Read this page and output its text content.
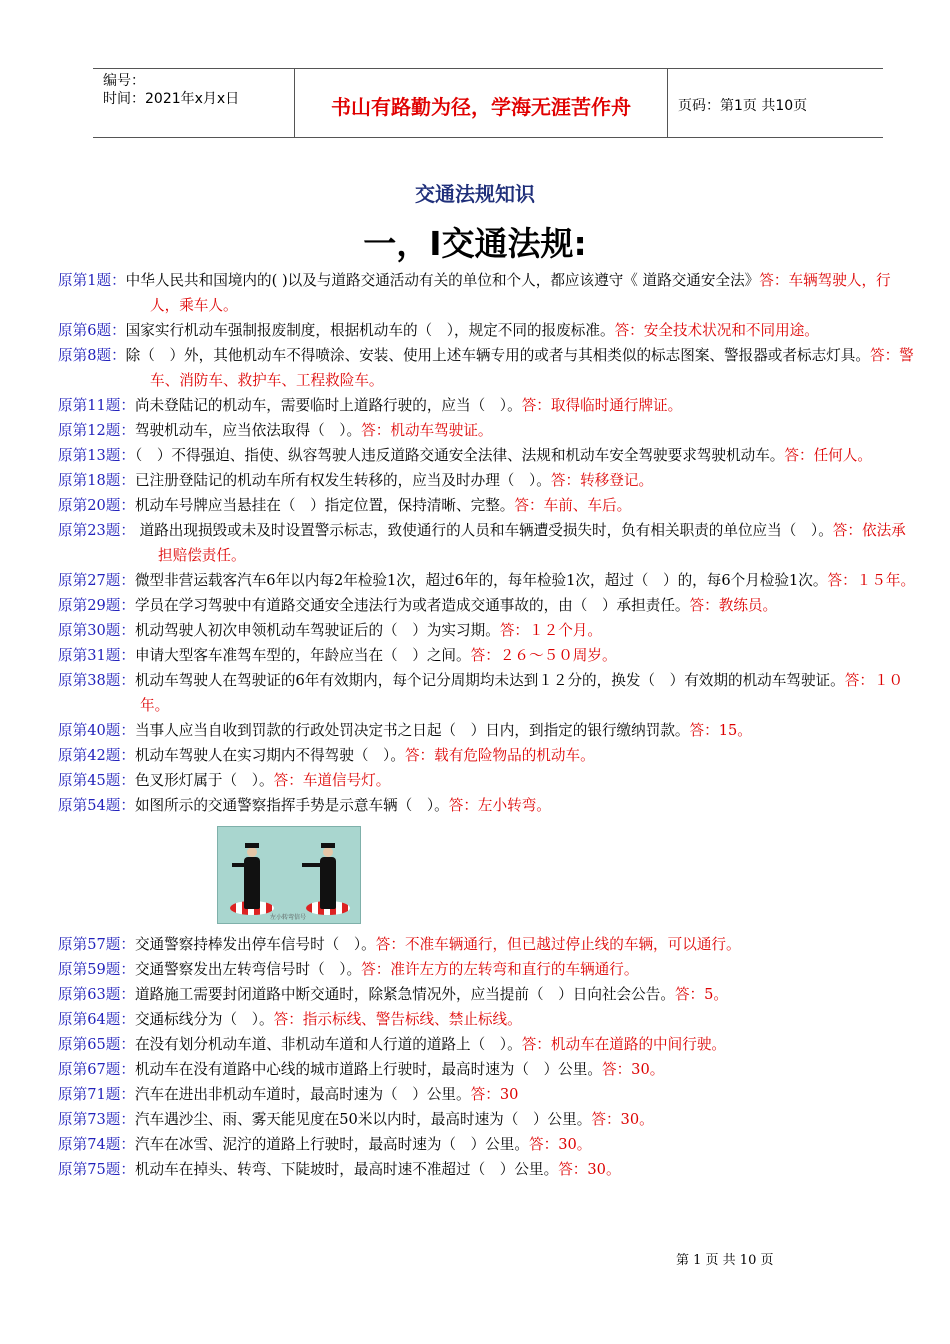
编号：
时间：2021年x月x日	书山有路勤为径，学海无涯苦作舟	页码：第1页 共10页
交通法规知识
一，Ⅰ交通法规:
原第1题：中华人民共和国境内的( )以及与道路交通活动有关的单位和个人，都应该遵守《 道路交通安全法》答：车辆驾驶人，行人，乘车人。
原第6题：国家实行机动车强制报废制度，根据机动车的（　），规定不同的报废标准。答：安全技术状况和不同用途。
原第8题：除（　）外，其他机动车不得喷涂、安装、使用上述车辆专用的或者与其相类似的标志图案、警报器或者标志灯具。答：警车、消防车、救护车、工程救险车。
原第11题：尚未登陆记的机动车，需要临时上道路行驶的，应当（　）。答：取得临时通行牌证。
原第12题：驾驶机动车，应当依法取得（　）。答：机动车驾驶证。
原第13题：（　）不得强迫、指使、纵容驾驶人违反道路交通安全法律、法规和机动车安全驾驶要求驾驶机动车。答：任何人。
原第18题：已注册登陆记的机动车所有权发生转移的，应当及时办理（　）。答：转移登记。
原第20题：机动车号牌应当悬挂在（　）指定位置，保持清晰、完整。答：车前、车后。
原第23题： 道路出现损毁或未及时设置警示标志，致使通行的人员和车辆遭受损失时，负有相关职责的单位应当（　）。答：依法承担赔偿责任。
原第27题：微型非营运载客汽车6年以内每2年检验1次，超过6年的，每年检验1次，超过（　）的，每6个月检验1次。答：１５年。
原第29题：学员在学习驾驶中有道路交通安全违法行为或者造成交通事故的，由（　）承担责任。答：教练员。
原第30题：机动驾驶人初次申领机动车驾驶证后的（　）为实习期。答：１２个月。
原第31题：申请大型客车准驾车型的，年龄应当在（　）之间。答：２６～５０周岁。
原第38题：机动车驾驶人在驾驶证的6年有效期内，每个记分周期均未达到１２分的，换发（　）有效期的机动车驾驶证。答：１０年。
原第40题：当事人应当自收到罚款的行政处罚决定书之日起（　）日内，到指定的银行缴纳罚款。答：15。
原第42题：机动车驾驶人在实习期内不得驾驶（　）。答：载有危险物品的机动车。
原第45题：色叉形灯属于（　）。答：车道信号灯。
原第54题：如图所示的交通警察指挥手势是示意车辆（　）。答：左小转弯。
左小转弯信号
原第57题：交通警察持棒发出停车信号时（　）。答：不准车辆通行，但已越过停止线的车辆，可以通行。
原第59题：交通警察发出左转弯信号时（　）。答：准许左方的左转弯和直行的车辆通行。
原第63题：道路施工需要封闭道路中断交通时，除紧急情况外，应当提前（　）日向社会公告。答：5。
原第64题：交通标线分为（　）。答：指示标线、警告标线、禁止标线。
原第65题：在没有划分机动车道、非机动车道和人行道的道路上（　）。答：机动车在道路的中间行驶。
原第67题：机动车在没有道路中心线的城市道路上行驶时，最高时速为（　）公里。答：30。
原第71题：汽车在进出非机动车道时，最高时速为（　）公里。答：30
原第73题：汽车遇沙尘、雨、雾天能见度在50米以内时，最高时速为（　）公里。答：30。
原第74题：汽车在冰雪、泥泞的道路上行驶时，最高时速为（　）公里。答：30。
原第75题：机动车在掉头、转弯、下陡坡时，最高时速不准超过（　）公里。答：30。
第 1 页 共 10 页
